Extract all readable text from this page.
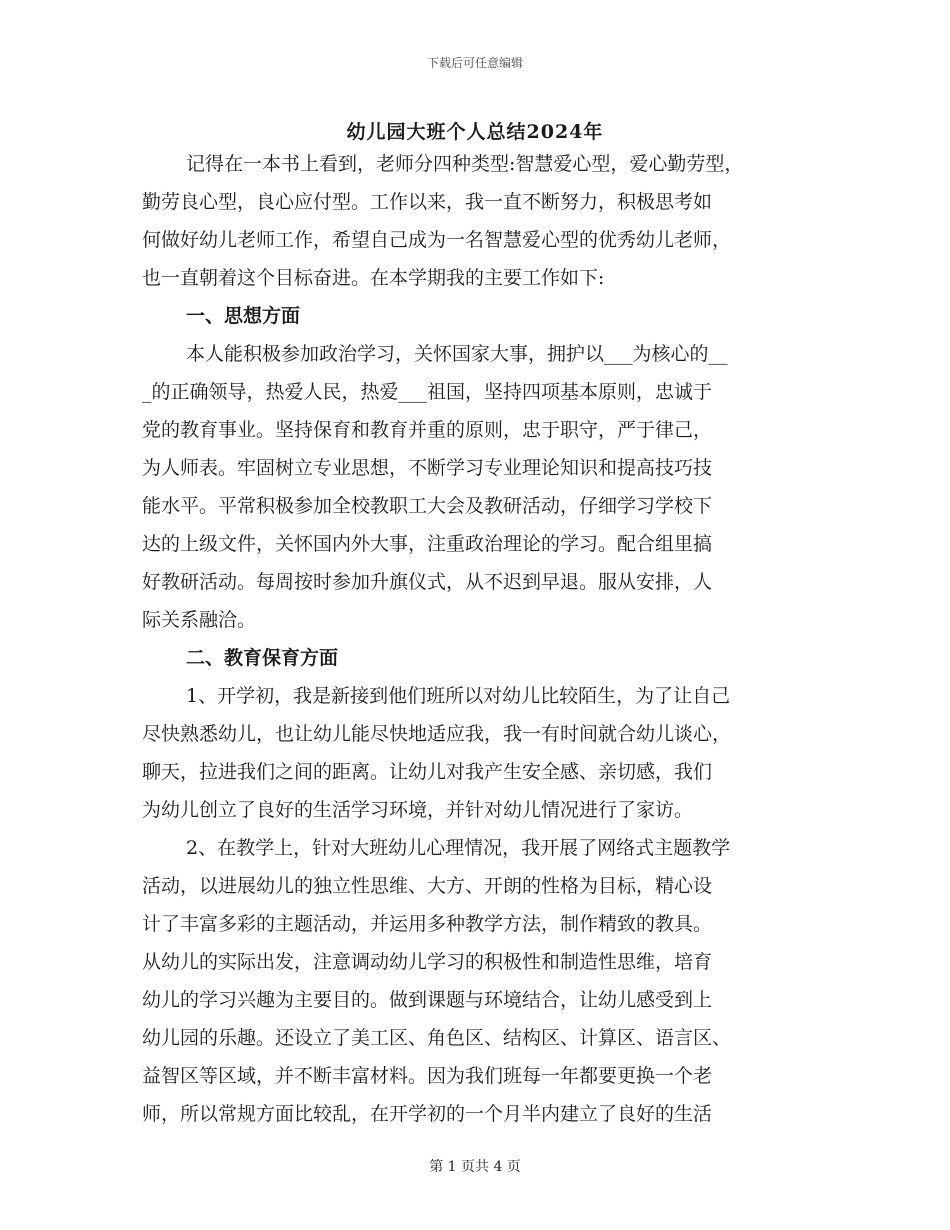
下载后可任意编辑
幼儿园大班个人总结2024年
记得在一本书上看到，老师分四种类型:智慧爱心型，爱心勤劳型，
勤劳良心型，良心应付型。工作以来，我一直不断努力，积极思考如
何做好幼儿老师工作，希望自己成为一名智慧爱心型的优秀幼儿老师，
也一直朝着这个目标奋进。在本学期我的主要工作如下:
一、思想方面
本人能积极参加政治学习，关怀国家大事，拥护以___为核心的__
_的正确领导，热爱人民，热爱___祖国，坚持四项基本原则，忠诚于
党的教育事业。坚持保育和教育并重的原则，忠于职守，严于律己，
为人师表。牢固树立专业思想，不断学习专业理论知识和提高技巧技
能水平。平常积极参加全校教职工大会及教研活动，仔细学习学校下
达的上级文件，关怀国内外大事，注重政治理论的学习。配合组里搞
好教研活动。每周按时参加升旗仪式，从不迟到早退。服从安排，人
际关系融洽。
二、教育保育方面
1、开学初，我是新接到他们班所以对幼儿比较陌生，为了让自己
尽快熟悉幼儿，也让幼儿能尽快地适应我，我一有时间就合幼儿谈心，
聊天，拉进我们之间的距离。让幼儿对我产生安全感、亲切感，我们
为幼儿创立了良好的生活学习环境，并针对幼儿情况进行了家访。
2、在教学上，针对大班幼儿心理情况，我开展了网络式主题教学
活动，以进展幼儿的独立性思维、大方、开朗的性格为目标，精心设
计了丰富多彩的主题活动，并运用多种教学方法，制作精致的教具。
从幼儿的实际出发，注意调动幼儿学习的积极性和制造性思维，培育
幼儿的学习兴趣为主要目的。做到课题与环境结合，让幼儿感受到上
幼儿园的乐趣。还设立了美工区、角色区、结构区、计算区、语言区、
益智区等区域，并不断丰富材料。因为我们班每一年都要更换一个老
师，所以常规方面比较乱，在开学初的一个月半内建立了良好的生活
第 1 页共 4 页
